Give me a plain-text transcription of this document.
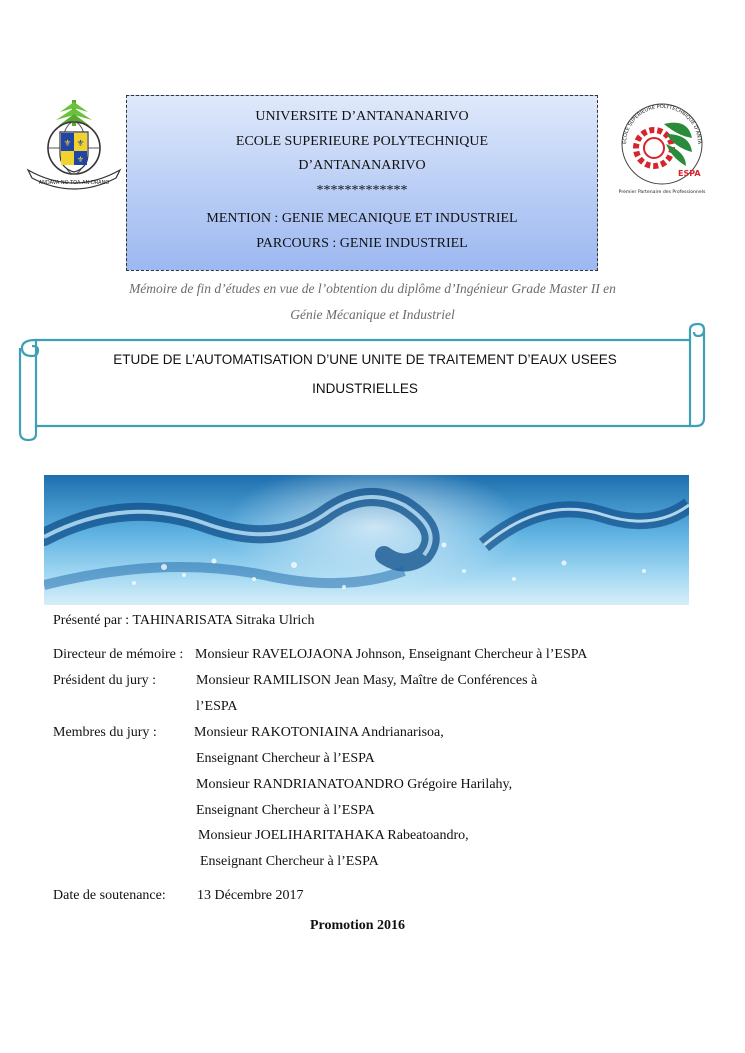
⚜ ⚜
⚜
ANDAVA NO TOA AN-DRANO
UNIVERSITE D’ANTANANARIVO
ECOLE SUPERIEURE POLYTECHNIQUE
D’ANTANANARIVO
*************
MENTION : GENIE MECANIQUE ET INDUSTRIEL
PARCOURS : GENIE INDUSTRIEL
ECOLE SUPERIEURE POLYTECHNIQUE D'ANTA
ESPA
Premier Partenaire des Professionnels
Mémoire de fin d’études en vue de l’obtention du diplôme d’Ingénieur Grade Master II en
Génie Mécanique et Industriel
ETUDE DE L’AUTOMATISATION D’UNE UNITE DE TRAITEMENT D’EAUX USEES
INDUSTRIELLES
Présenté par : TAHINARISATA Sitraka Ulrich
Directeur de mémoire : Monsieur RAVELOJAONA Johnson, Enseignant Chercheur à l’ESPA
Président du jury :	Monsieur RAMILISON Jean Masy, Maître de Conférences à
l’ESPA
Membres du jury :	Monsieur RAKOTONIAINA Andrianarisoa,
Enseignant Chercheur à l’ESPA
Monsieur RANDRIANATOANDRO Grégoire Harilahy,
Enseignant Chercheur à l’ESPA
Monsieur JOELIHARITAHAKA Rabeatoandro,
Enseignant Chercheur à l’ESPA
Date de soutenance: 13 Décembre 2017
Promotion 2016
